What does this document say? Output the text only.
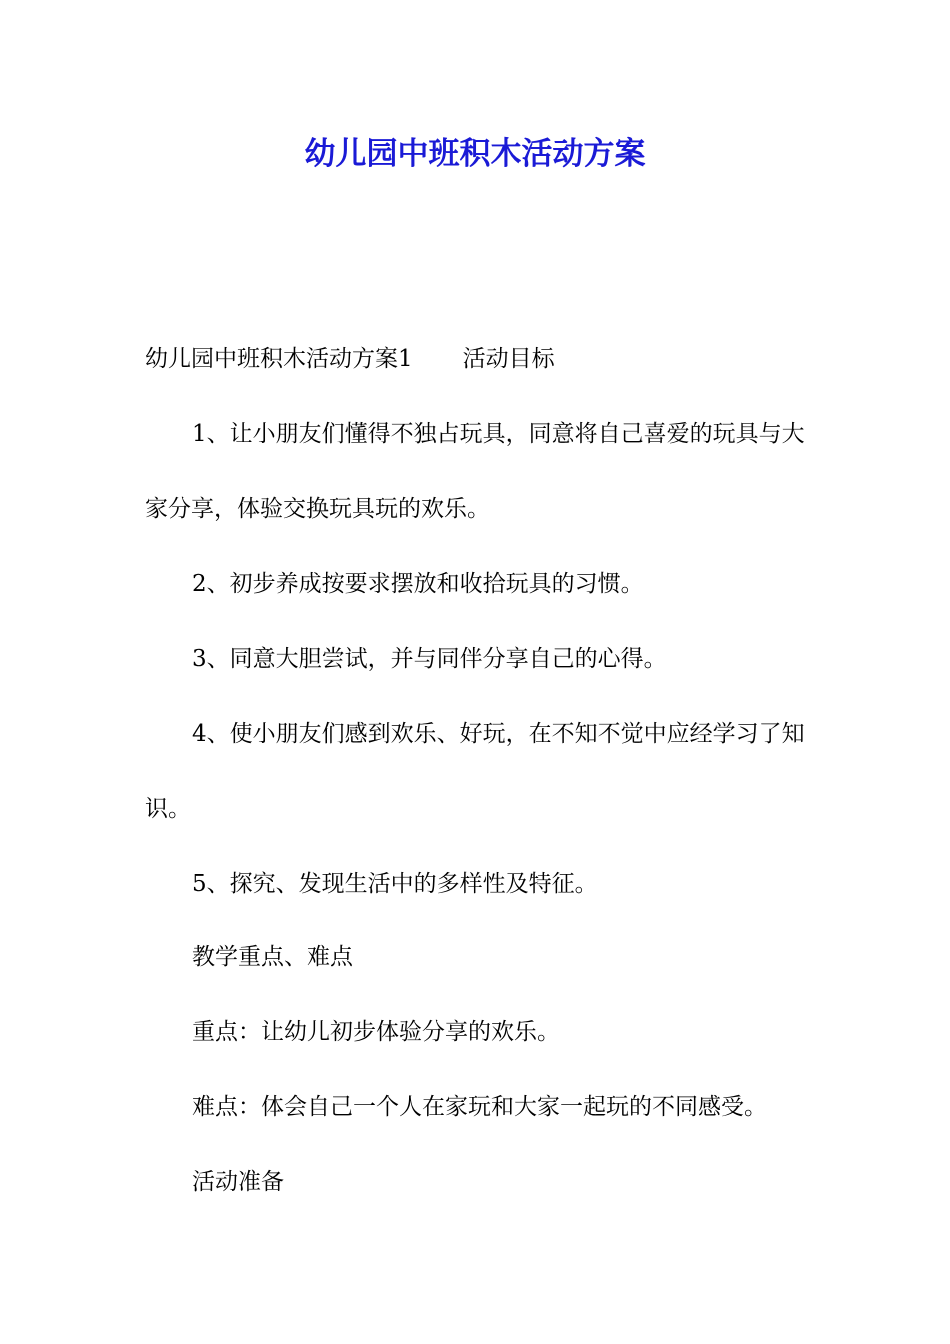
幼儿园中班积木活动方案

幼儿园中班积木活动方案1 活动目标

1、让小朋友们懂得不独占玩具，同意将自己喜爱的玩具与大家分享，体验交换玩具玩的欢乐。

2、初步养成按要求摆放和收拾玩具的习惯。

3、同意大胆尝试，并与同伴分享自己的心得。

4、使小朋友们感到欢乐、好玩，在不知不觉中应经学习了知识。

5、探究、发现生活中的多样性及特征。

教学重点、难点

重点：让幼儿初步体验分享的欢乐。

难点：体会自己一个人在家玩和大家一起玩的不同感受。

活动准备
